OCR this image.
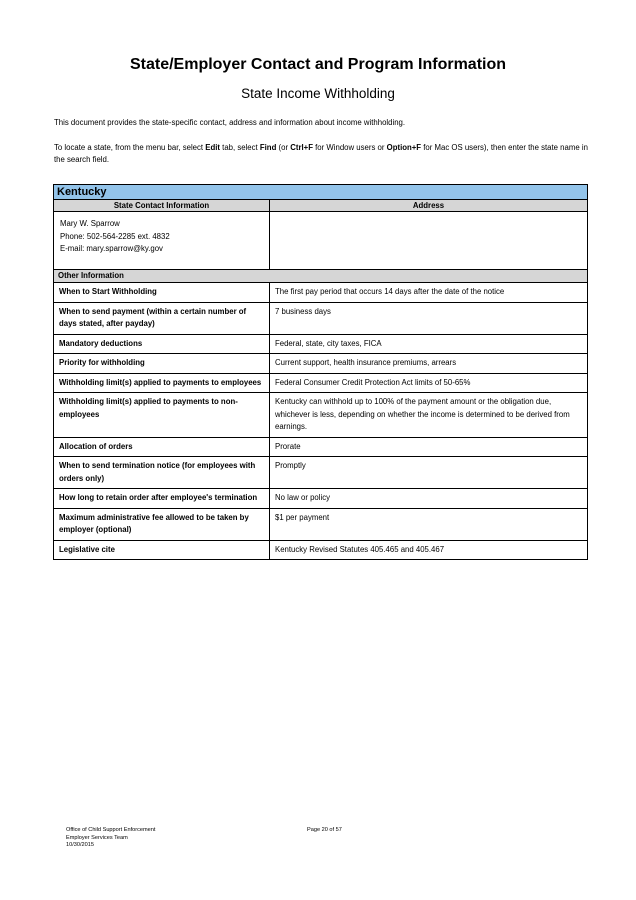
State/Employer Contact and Program Information
State Income Withholding
This document provides the state-specific contact, address and information about income withholding.
To locate a state, from the menu bar, select Edit tab, select Find (or Ctrl+F for Window users or Option+F for Mac OS users), then enter the state name in the search field.
Kentucky	
State Contact Information	Address

Mary W. Sparrow
Phone: 502-564-2285 ext. 4832
E-mail: mary.sparrow@ky.gov	

Other Information	
When to Start Withholding	The first pay period that occurs 14 days after the date of the notice
When to send payment (within a certain number of days stated, after payday)	7 business days
Mandatory deductions	Federal, state, city taxes, FICA
Priority for withholding	Current support, health insurance premiums, arrears
Withholding limit(s) applied to payments to employees	Federal Consumer Credit Protection Act limits of 50-65%
Withholding limit(s) applied to payments to non-employees	Kentucky can withhold up to 100% of the payment amount or the obligation due, whichever is less, depending on whether the income is determined to be derived from earnings.
Allocation of orders	Prorate
When to send termination notice (for employees with orders only)	Promptly
How long to retain order after employee's termination	No law or policy
Maximum administrative fee allowed to be taken by employer (optional)	$1 per payment
Legislative cite	Kentucky Revised Statutes 405.465 and 405.467
Office of Child Support Enforcement
Employer Services Team
10/30/2015
Page 20 of 57
